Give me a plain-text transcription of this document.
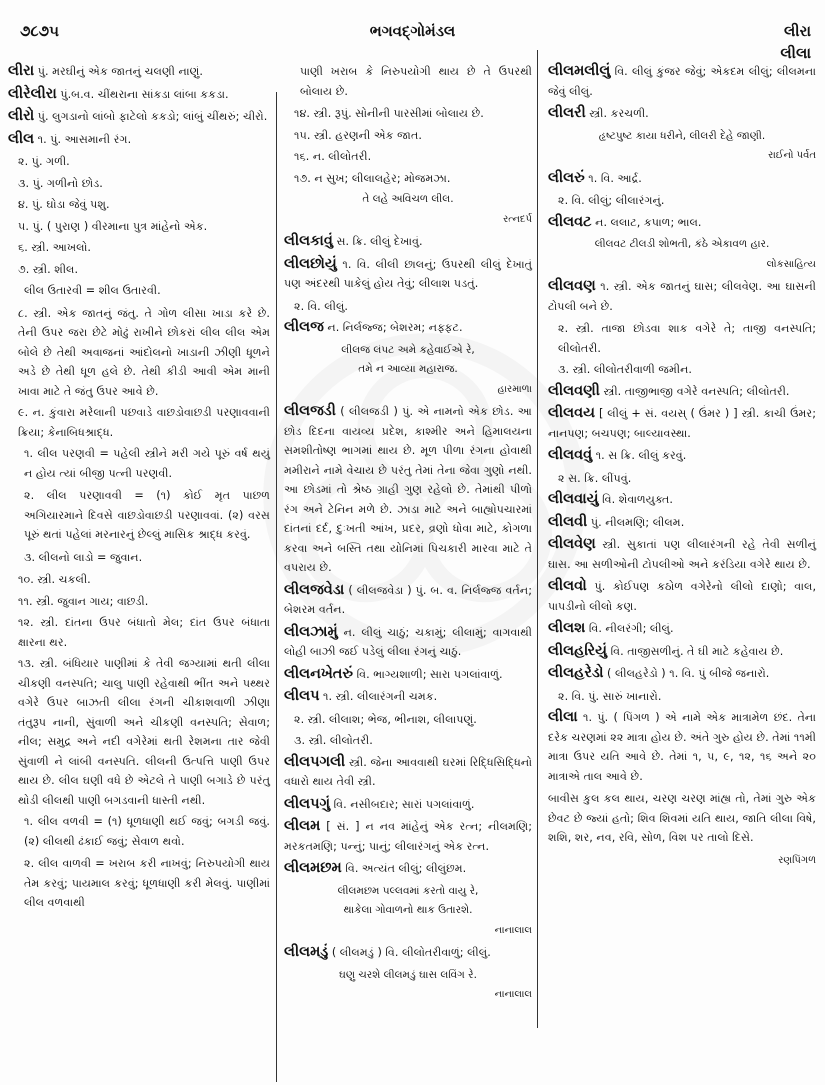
૭૮૭૫	ભગવદ્ગોમંડલ	લીરા
લીલા
લીરા પું. મરઘીનું એક જાતનું ચલણી નાણું.
લીરેલીરા પું.બ.વ. ચીંથરાના સાંકડા લાંબા કકડા.
લીરો પું. લુગડાનો લાંબો ફાટેલો કકડો; લાંબું ચીંથરું; ચીરો.
લીલ ૧. પું. આસમાની રંગ.
૨. પું. ગળી.
૩. પું. ગળીનો છોડ.
૪. પું. ઘોડા જેવું પશુ.
૫. પું. ( પુરાણ ) વીરમાના પુત્ર માંહેનો એક.
૬. સ્ત્રી. આખલો.
૭. સ્ત્રી. શીલ.
લીલ ઉતારવી = શીલ ઉતારવી.
૮. સ્ત્રી. એક જાતનું જંતુ. તે ગોળ લીસા ખાડા કરે છે. તેની ઉપર જરા છેટે મોઢું રાખીને છોકરાં લીલ લીલ એમ બોલે છે તેથી અવાજનાં આંદોલનો ખાડાની ઝીણી ધૂળને અડે છે તેથી ધૂળ હલે છે. તેથી કીડી આવી એમ માની ખાવા માટે તે જંતુ ઉપર આવે છે.
૯. ન. કુંવારા મરેલાની પછવાડે વાછડોવાછડી પરણાવવાની ક્રિયા; કેનાબિધશ્રાદ્ધ.
૧. લીલ પરણવી = પહેલી સ્ત્રીને મરી ગયે પૂરું વર્ષ થયું ન હોય ત્યાં બીજી પત્ની પરણવી.
૨. લીલ પરણાવવી = (૧) કોઈ મૃત પાછળ અગિયારમાને દિવસે વાછડોવાછડી પરણાવવાં. (૨) વરસ પૂરું થતાં પહેલાં મરનારનું છેલ્લું માસિક શ્રાદ્ધ કરવું.
૩. લીલનો લાડો = જુવાન.
૧૦. સ્ત્રી. ચકલી.
૧૧. સ્ત્રી. જુવાન ગાય; વાછડી.
૧૨. સ્ત્રી. દાંતના ઉપર બંધાતો મેલ; દાંત ઉપર બંધાતા ક્ષારના થર.
૧૩. સ્ત્રી. બંધિયાર પાણીમાં કે તેવી જગ્યામાં થતી લીલા ચીકણી વનસ્પતિ; ચાલુ પાણી રહેવાથી ભીંત અને પથ્થર વગેરે ઉપર બાઝતી લીલા રંગની ચીકાશવાળી ઝીણા તંતુરૂપ નાની, સુંવાળી અને ચીકણી વનસ્પતિ; સેવાળ; નીલ; સમુદ્ર અને નદી વગેરેમાં થતી રેશમના તાર જેવી સુંવાળી ને લાંબી વનસ્પતિ. લીલની ઉત્પત્તિ પાણી ઉપર થાય છે. લીલ ઘણી વધે છે એટલે તે પાણી બગાડે છે પરંતુ થોડી લીલથી પાણી બગડવાની ધાસ્તી નથી.
૧. લીલ વળવી = (૧) ધૂળધાણી થઈ જવું; બગડી જવું. (૨) લીલથી ઢંકાઈ જવું; સેવાળ થવો.
૨. લીલ વાળવી = ખરાબ કરી નાખવું; નિરુપયોગી થાય તેમ કરવું; પાયમાલ કરવું; ધૂળધાણી કરી મેલવું. પાણીમાં લીલ વળવાથી
પાણી ખરાબ કે નિરુપયોગી થાય છે તે ઉપરથી બોલાય છે.
૧૪. સ્ત્રી. રૂપું. સોનીની પારસીમાં બોલાય છે.
૧૫. સ્ત્રી. હરણની એક જાત.
૧૬. ન. લીલોતરી.
૧૭. ન સુખ; લીલાલહેર; મોજમઝા.
તે લહે અવિચળ લીલ.
રત્નદર્પ
લીલકાવું સ. ક્રિ. લીલું દેખાવું.
લીલછોયું ૧. વિ. લીલી છાલનું; ઉપરથી લીલું દેખાતું પણ અંદરથી પાકેલું હોય તેવું; લીલાશ પડતું.
૨. વિ. લીલું.
લીલજ ન. નિર્લજ્જ; બેશરમ; નફ્ફટ.
લીલજ લંપટ અમે કહેવાઈએ રે,
તમે ન આવ્યા મહારાજ.
હારમાળા
લીલજડી ( લીલજડી ) પું. એ નામનો એક છોડ. આ છોડ દિદના વાયવ્ય પ્રદેશ, કાશ્મીર અને હિમાલયના સમશીતોષ્ણ ભાગમાં થાય છે. મૂળ પીળા રંગના હોવાથી મમીરાને નામે વેચાય છે પરંતુ તેમાં તેના જેવા ગુણો નથી. આ છોડમાં તો શ્રેષ્ઠ ગ્રાહી ગુણ રહેલો છે. તેમાંથી પીળો રંગ અને ટેનિન મળે છે. ઝાડા માટે અને બાહ્યોપચારમાં દાંતનાં દર્દ, દુઃખતી આંખ, પ્રદર, વ્રણો ધોવા માટે, કોગળા કરવા અને બસ્તિ તથા યોનિમાં પિચકારી મારવા માટે તે વપરાય છે.
લીલજવેડા ( લીલજવેડા ) પું. બ. વ. નિર્લજ્જ વર્તન; બેશરમ વર્તન.
લીલઝામું ન. લીલું ચાઠું; ચકામું; લીલામું; વાગવાથી લોહી બાઝી જઈ પડેલું લીલા રંગનું ચાઠું.
લીલનખેતરું વિ. ભાગ્યશાળી; સારા પગલાંવાળું.
લીલપ ૧. સ્ત્રી. લીલારંગની ચમક.
૨. સ્ત્રી. લીલાશ; ભેજ, ભીનાશ, લીલાપણું.
૩. સ્ત્રી. લીલોતરી.
લીલપગલી સ્ત્રી. જેના આવવાથી ઘરમાં રિદ્ધિસિદ્ધિનો વધારો થાય તેવી સ્ત્રી.
લીલપગું વિ. નસીબદાર; સારાં પગલાંવાળું.
લીલમ [ સં. ] ન નવ માંહેનું એક રત્ન; નીલમણિ; મરકતમણિ; પન્નું; પાનું; લીલારંગનું એક રત્ન.
લીલમછમ વિ. અત્યંત લીલું; લીલુંછમ.
લીલમછમ પલ્લવમાં કરતો વાયુ રે,
થાકેલા ગોવાળનો થાક ઉતારશે.
નાનાલાલ
લીલમડું ( લીલમડું ) વિ. લીલોતરીવાળું; લીલું.
ઘણુ ચરશે લીલમડું ઘાસ લવિંગ રે.
નાનાલાલ
લીલમલીલું વિ. લીલું કુંજર જેવું; એકદમ લીલું; લીલમના જેવું લીલું.
લીલરી સ્ત્રી. કરચળી.
હૃષ્ટપુષ્ટ કાયા ધરીને, લીલરી દેહે જાણી.
રાઈનો પર્વત
લીલરું ૧. વિ. આર્દ્ર.
૨. વિ. લીલું; લીલારંગનું.
લીલવટ ન. લલાટ, કપાળ; ભાલ.
લીલવટ ટીલડી શોભતી, કંઠે એકાવળ હાર.
લોકસાહિત્ય
લીલવણ ૧. સ્ત્રી. એક જાતનું ઘાસ; લીલવેણ. આ ઘાસની ટોપલી બને છે.
૨. સ્ત્રી. તાજા છોડવા શાક વગેરે તે; તાજી વનસ્પતિ; લીલોતરી.
૩. સ્ત્રી. લીલોતરીવાળી જમીન.
લીલવણી સ્ત્રી. તાજીભાજી વગેરે વનસ્પતિ; લીલોતરી.
લીલવય [ લીલું + સં. વયસ્ ( ઉંમર ) ] સ્ત્રી. કાચી ઉંમર; નાનપણ; બચપણ; બાલ્યાવસ્થા.
લીલવવું ૧. સ ક્રિ. લીલું કરવું.
૨ સ. ક્રિ. લીંપવું.
લીલવાયું વિ. શેવાળયુક્ત.
લીલવી પું. નીલમણિ; લીલમ.
લીલવેણ સ્ત્રી. સુકાતાં પણ લીલારંગની રહે તેવી સળીનું ઘાસ. આ સળીઓની ટોપલીઓ અને કરંડિયા વગેરે થાય છે.
લીલવો પું. કોઈપણ કઠોળ વગેરેનો લીલો દાણો; વાલ, પાપડીનો લીલો કણ.
લીલશ વિ. નીલરંગી; લીલું.
લીલહરિયું વિ. તાજીસળીનું. તે ઘી માટે કહેવાય છે.
લીલહરેડો ( લીલહરેડો ) ૧. વિ. પું બીજે જનારો.
૨. વિ. પું. સારું ખાનારો.
લીલા ૧. પું. ( પિંગળ ) એ નામે એક માત્રામેળ છંદ. તેના દરેક ચરણમાં ૨૨ માત્રા હોય છે. અંતે ગુરુ હોય છે. તેમાં ૧૧મી માત્રા ઉપર યતિ આવે છે. તેમાં ૧, ૫, ૯, ૧૨, ૧૬ અને ૨૦ માત્રાએ તાલ આવે છે.
બાવીસ કુલ કલ થાય, ચરણ ચરણ માંહ્ય તો, તેમાં ગુરુ એક છેવટ છે જ્યાં હતો; શિવ શિવમાં યતિ થાય, જાતિ લીલા વિષે, શશિ, શર, નવ, રવિ, સોળ, વિશ પર તાલો દિસે.
રણપિંગળ
